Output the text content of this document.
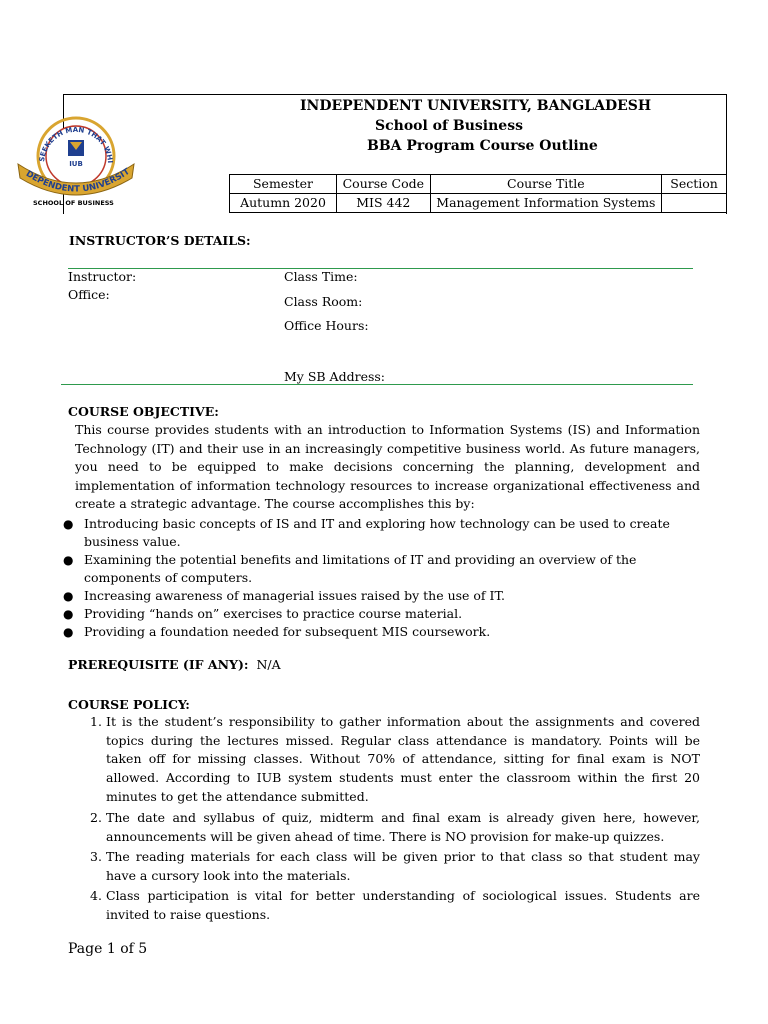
SEEKETH MAN THAT WHI
IUB
DEPENDENT UNIVERSIT
SCHOOL OF BUSINESS
INDEPENDENT UNIVERSITY, BANGLADESH
School of Business
BBA Program Course Outline
Semester	Course Code	Course Title	Section
Autumn 2020	MIS 442	Management Information Systems	
INSTRUCTOR’S DETAILS:
Instructor:
Office:
Class Time:
Class Room:
Office Hours:
My SB Address:
COURSE OBJECTIVE:
This course provides students with an introduction to Information Systems (IS) and Information Technology (IT) and their use in an increasingly competitive business world. As future managers, you need to be equipped to make decisions concerning the planning, development and implementation of information technology resources to increase organizational effectiveness and create a strategic advantage. The course accomplishes this by:
● Introducing basic concepts of IS and IT and exploring how technology can be used to create business value.
● Examining the potential benefits and limitations of IT and providing an overview of the components of computers.
● Increasing awareness of managerial issues raised by the use of IT.
● Providing “hands on” exercises to practice course material.
● Providing a foundation needed for subsequent MIS coursework.
PREREQUISITE (IF ANY): N/A
COURSE POLICY:
1. It is the student’s responsibility to gather information about the assignments and covered topics during the lectures missed. Regular class attendance is mandatory. Points will be taken off for missing classes. Without 70% of attendance, sitting for final exam is NOT allowed. According to IUB system students must enter the classroom within the first 20 minutes to get the attendance submitted.
2. The date and syllabus of quiz, midterm and final exam is already given here, however, announcements will be given ahead of time. There is NO provision for make-up quizzes.
3. The reading materials for each class will be given prior to that class so that student may have a cursory look into the materials.
4. Class participation is vital for better understanding of sociological issues. Students are invited to raise questions.
Page 1 of 5
